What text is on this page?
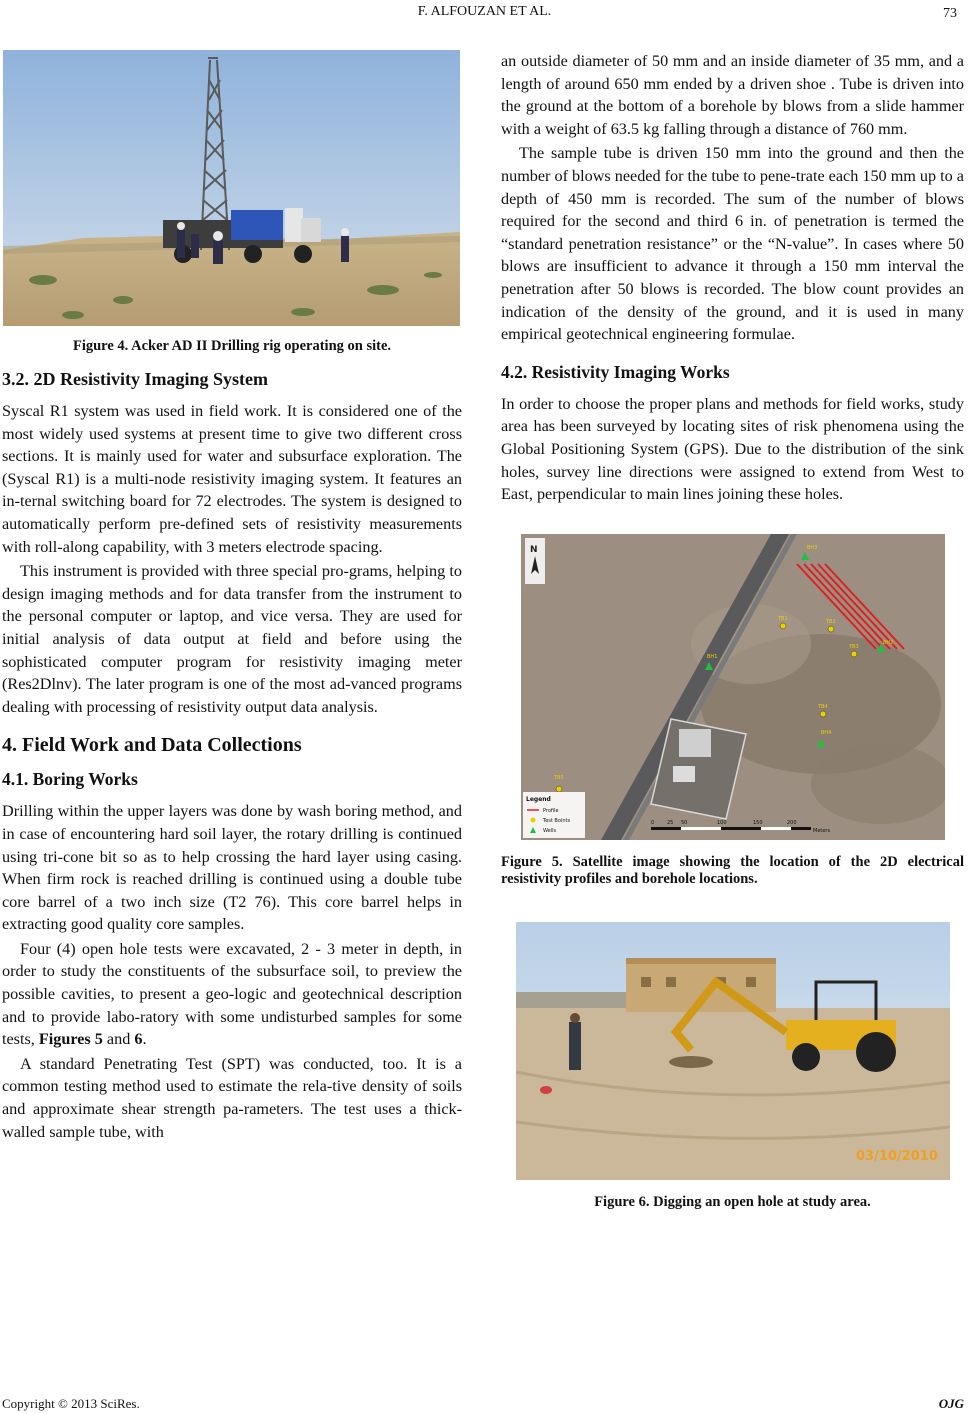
F. ALFOUZAN ET AL.	73
Figure 4. Acker AD II Drilling rig operating on site.
3.2. 2D Resistivity Imaging System

Syscal R1 system was used in field work. It is considered one of the most widely used systems at present time to give two different cross sections. It is mainly used for water and subsurface exploration. The (Syscal R1) is a multi-node resistivity imaging system. It features an in-ternal switching board for 72 electrodes. The system is designed to automatically perform pre-defined sets of resistivity measurements with roll-along capability, with 3 meters electrode spacing.

This instrument is provided with three special pro-grams, helping to design imaging methods and for data transfer from the instrument to the personal computer or laptop, and vice versa. They are used for initial analysis of data output at field and before using the sophisticated computer program for resistivity imaging meter (Res2Dlnv). The later program is one of the most ad-vanced programs dealing with processing of resistivity output data analysis.

4. Field Work and Data Collections
4.1. Boring Works

Drilling within the upper layers was done by wash boring method, and in case of encountering hard soil layer, the rotary drilling is continued using tri-cone bit so as to help crossing the hard layer using casing. When firm rock is reached drilling is continued using a double tube core barrel of a two inch size (T2 76). This core barrel helps in extracting good quality core samples.

Four (4) open hole tests were excavated, 2 - 3 meter in depth, in order to study the constituents of the subsurface soil, to preview the possible cavities, to present a geo-logic and geotechnical description and to provide labo-ratory with some undisturbed samples for some tests, Figures 5 and 6.

A standard Penetrating Test (SPT) was conducted, too. It is a common testing method used to estimate the rela-tive density of soils and approximate shear strength pa-rameters. The test uses a thick-walled sample tube, with

an outside diameter of 50 mm and an inside diameter of 35 mm, and a length of around 650 mm ended by a driven shoe . Tube is driven into the ground at the bottom of a borehole by blows from a slide hammer with a weight of 63.5 kg falling through a distance of 760 mm.

The sample tube is driven 150 mm into the ground and then the number of blows needed for the tube to pene-trate each 150 mm up to a depth of 450 mm is recorded. The sum of the number of blows required for the second and third 6 in. of penetration is termed the “standard penetration resistance” or the “N-value”. In cases where 50 blows are insufficient to advance it through a 150 mm interval the penetration after 50 blows is recorded. The blow count provides an indication of the density of the ground, and it is used in many empirical geotechnical engineering formulae.

4.2. Resistivity Imaging Works

In order to choose the proper plans and methods for field works, study area has been surveyed by locating sites of risk phenomena using the Global Positioning System (GPS). Due to the distribution of the sink holes, survey line directions were assigned to extend from West to East, perpendicular to main lines joining these holes.

BH3
TB1	TB2
TB3
BH2
BH1
TB4
BH4
TB5
N
Legend
Profile
Test Boints
Wells
0	25 50	100	150	200
Meters
Figure 5. Satellite image showing the location of the 2D electrical resistivity profiles and borehole locations.
03/10/2010
Figure 6. Digging an open hole at study area.
Copyright © 2013 SciRes.	OJG
